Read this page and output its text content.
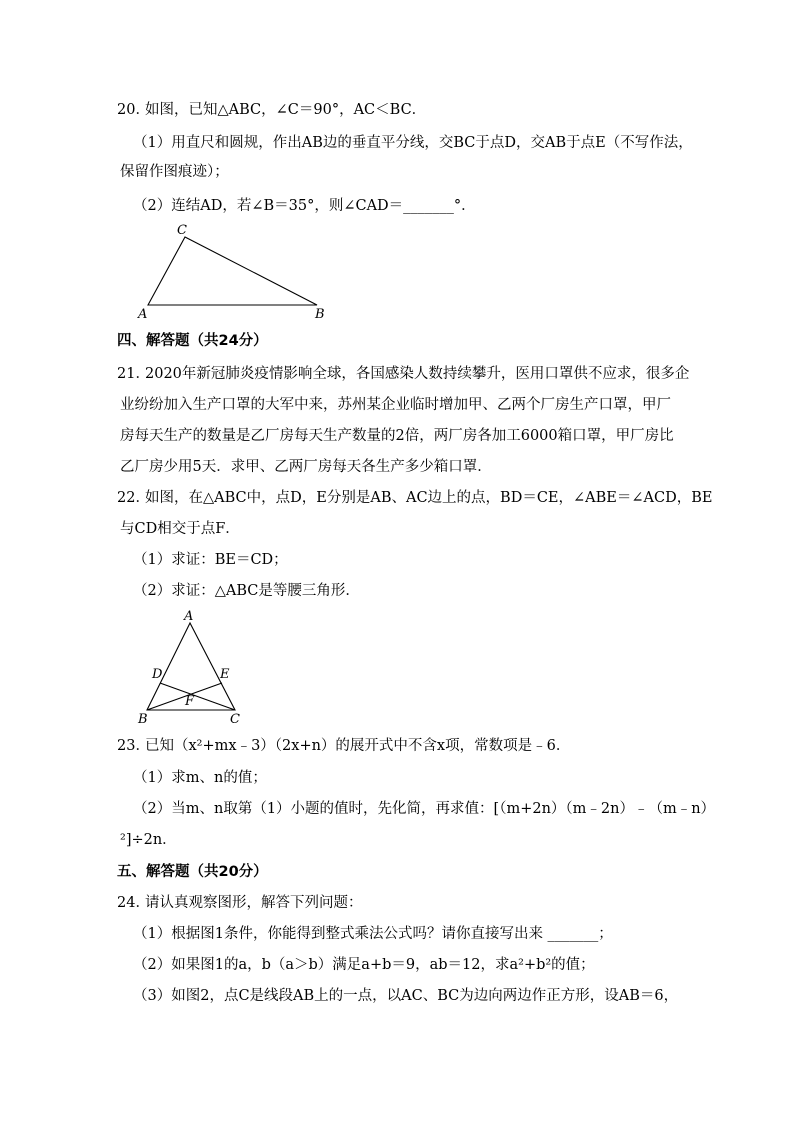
20．
如图，已知△ABC，∠C＝90°，AC＜BC．
（1）用直尺和圆规，作出AB边的垂直平分线，交BC于点D，交AB于点E（不写作法，
保留作图痕迹）；
（2）连结AD，若∠B＝35°，则∠CAD＝_______°．
C
A	B
四、解答题（共24分）
21．
2020年新冠肺炎疫情影响全球，各国感染人数持续攀升，医用口罩供不应求，很多企
业纷纷加入生产口罩的大军中来，苏州某企业临时增加甲、乙两个厂房生产口罩，甲厂
房每天生产的数量是乙厂房每天生产数量的2倍，两厂房各加工6000箱口罩，甲厂房比
乙厂房少用5天．求甲、乙两厂房每天各生产多少箱口罩．
22．
如图，在△ABC中，点D，E分别是AB、AC边上的点，BD＝CE，∠ABE＝∠ACD，BE
与CD相交于点F．
（1）求证：BE＝CD；
（2）求证：△ABC是等腰三角形．
A
D	E
F
B	C
23．
已知（x²+mx﹣3）（2x+n）的展开式中不含x项，常数项是﹣6．
（1）求m、n的值；
（2）当m、n取第（1）小题的值时，先化简，再求值：[（m+2n）（m﹣2n）﹣（m﹣n）
²]÷2n．
五、解答题（共20分）
24．
请认真观察图形，解答下列问题：
（1）根据图1条件，你能得到整式乘法公式吗？请你直接写出来 _______；
（2）如果图1的a，b（a＞b）满足a+b＝9，ab＝12，求a²+b²的值；
（3）如图2，点C是线段AB上的一点，以AC、BC为边向两边作正方形，设AB＝6，
